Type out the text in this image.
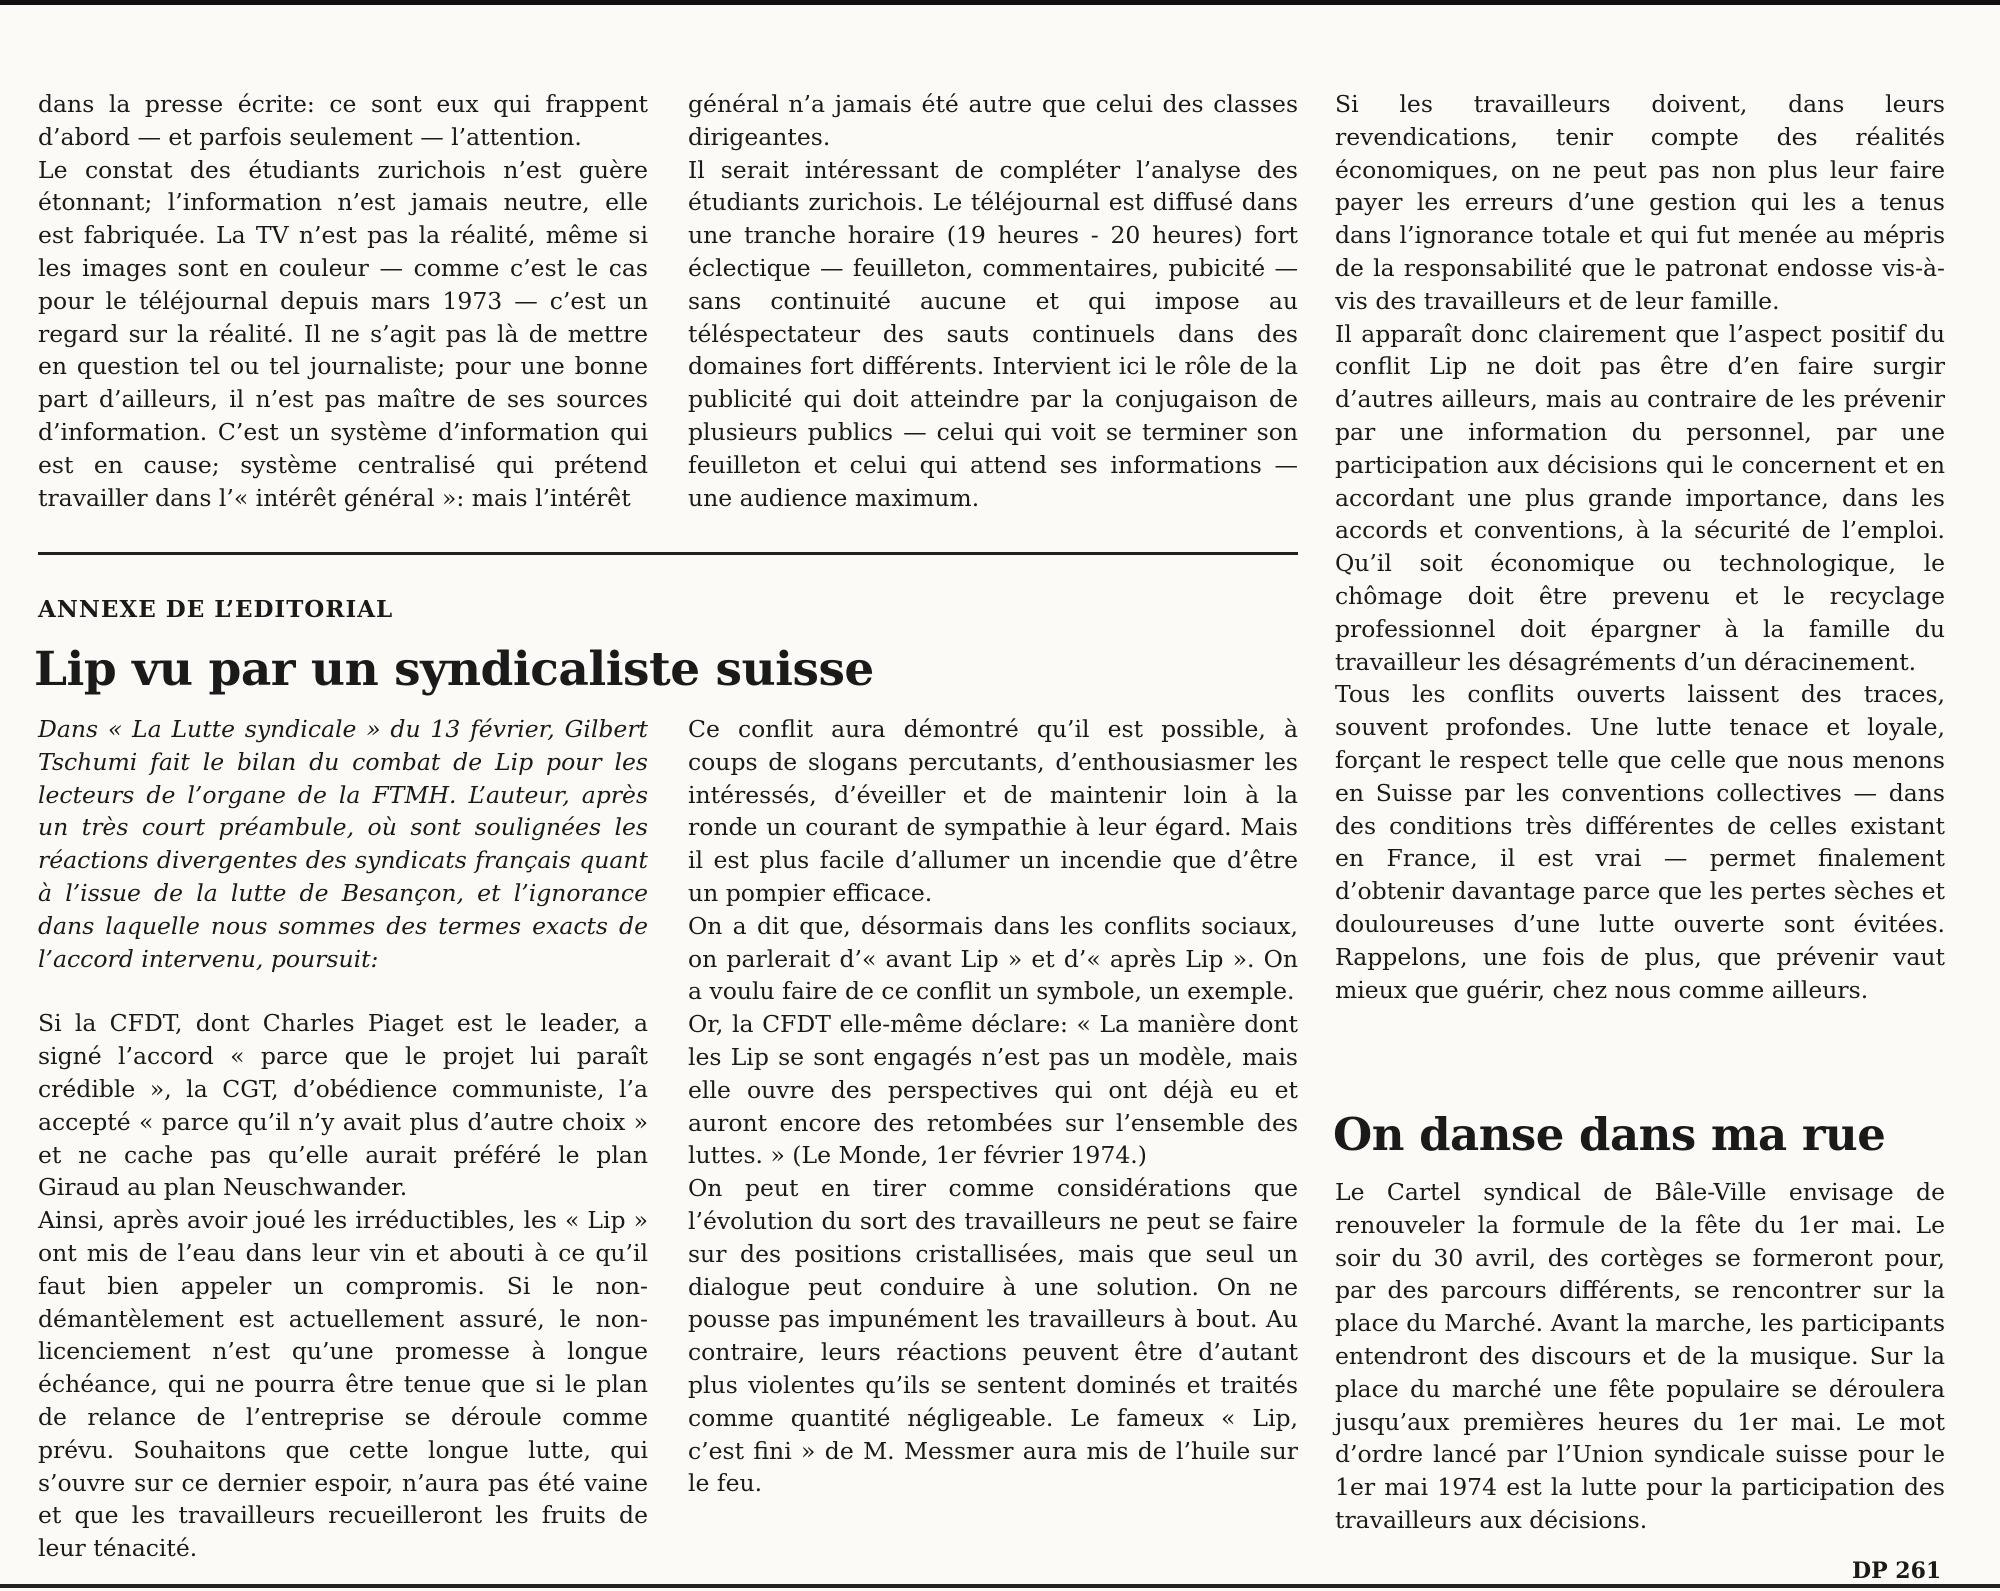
dans la presse écrite: ce sont eux qui frappent d’abord — et parfois seulement — l’attention.

Le constat des étudiants zurichois n’est guère étonnant; l’information n’est jamais neutre, elle est fabriquée. La TV n’est pas la réalité, même si les images sont en couleur — comme c’est le cas pour le téléjournal depuis mars 1973 — c’est un regard sur la réalité. Il ne s’agit pas là de mettre en question tel ou tel journaliste; pour une bonne part d’ailleurs, il n’est pas maître de ses sources d’information. C’est un système d’information qui est en cause; système centralisé qui prétend travailler dans l’« intérêt général »: mais l’intérêt

général n’a jamais été autre que celui des classes dirigeantes.

Il serait intéressant de compléter l’analyse des étudiants zurichois. Le téléjournal est diffusé dans une tranche horaire (19 heures - 20 heures) fort éclectique — feuilleton, commentaires, pubicité — sans continuité aucune et qui impose au téléspectateur des sauts continuels dans des domaines fort différents. Intervient ici le rôle de la publicité qui doit atteindre par la conjugaison de plusieurs publics — celui qui voit se terminer son feuilleton et celui qui attend ses informations — une audience maximum.

Si les travailleurs doivent, dans leurs revendications, tenir compte des réalités économiques, on ne peut pas non plus leur faire payer les erreurs d’une gestion qui les a tenus dans l’ignorance totale et qui fut menée au mépris de la responsabilité que le patronat endosse vis-à-vis des travailleurs et de leur famille.

Il apparaît donc clairement que l’aspect positif du conflit Lip ne doit pas être d’en faire surgir d’autres ailleurs, mais au contraire de les prévenir par une information du personnel, par une participation aux décisions qui le concernent et en accordant une plus grande importance, dans les accords et conventions, à la sécurité de l’emploi. Qu’il soit économique ou technologique, le chômage doit être prevenu et le recyclage professionnel doit épargner à la famille du travailleur les désagréments d’un déracinement.

Tous les conflits ouverts laissent des traces, souvent profondes. Une lutte tenace et loyale, forçant le respect telle que celle que nous menons en Suisse par les conventions collectives — dans des conditions très différentes de celles existant en France, il est vrai — permet finalement d’obtenir davantage parce que les pertes sèches et douloureuses d’une lutte ouverte sont évitées. Rappelons, une fois de plus, que prévenir vaut mieux que guérir, chez nous comme ailleurs.

ANNEXE DE L’EDITORIAL
Lip vu par un syndicaliste suisse

Dans « La Lutte syndicale » du 13 février, Gilbert Tschumi fait le bilan du combat de Lip pour les lecteurs de l’organe de la FTMH. L’auteur, après un très court préambule, où sont soulignées les réactions divergentes des syndicats français quant à l’issue de la lutte de Besançon, et l’ignorance dans laquelle nous sommes des termes exacts de l’accord intervenu, poursuit:

Si la CFDT, dont Charles Piaget est le leader, a signé l’accord « parce que le projet lui paraît crédible », la CGT, d’obédience communiste, l’a accepté « parce qu’il n’y avait plus d’autre choix » et ne cache pas qu’elle aurait préféré le plan Giraud au plan Neuschwander.

Ainsi, après avoir joué les irréductibles, les « Lip » ont mis de l’eau dans leur vin et abouti à ce qu’il faut bien appeler un compromis. Si le non-démantèlement est actuellement assuré, le non-licenciement n’est qu’une promesse à longue échéance, qui ne pourra être tenue que si le plan de relance de l’entreprise se déroule comme prévu. Souhaitons que cette longue lutte, qui s’ouvre sur ce dernier espoir, n’aura pas été vaine et que les travailleurs recueilleront les fruits de leur ténacité.

Ce conflit aura démontré qu’il est possible, à coups de slogans percutants, d’enthousiasmer les intéressés, d’éveiller et de maintenir loin à la ronde un courant de sympathie à leur égard. Mais il est plus facile d’allumer un incendie que d’être un pompier efficace.

On a dit que, désormais dans les conflits sociaux, on parlerait d’« avant Lip » et d’« après Lip ». On a voulu faire de ce conflit un symbole, un exemple.

Or, la CFDT elle-même déclare: « La manière dont les Lip se sont engagés n’est pas un modèle, mais elle ouvre des perspectives qui ont déjà eu et auront encore des retombées sur l’ensemble des luttes. » (Le Monde, 1er février 1974.)

On peut en tirer comme considérations que l’évolution du sort des travailleurs ne peut se faire sur des positions cristallisées, mais que seul un dialogue peut conduire à une solution. On ne pousse pas impunément les travailleurs à bout. Au contraire, leurs réactions peuvent être d’autant plus violentes qu’ils se sentent dominés et traités comme quantité négligeable. Le fameux « Lip, c’est fini » de M. Messmer aura mis de l’huile sur le feu.

On danse dans ma rue

Le Cartel syndical de Bâle-Ville envisage de renouveler la formule de la fête du 1er mai. Le soir du 30 avril, des cortèges se formeront pour, par des parcours différents, se rencontrer sur la place du Marché. Avant la marche, les participants entendront des discours et de la musique. Sur la place du marché une fête populaire se déroulera jusqu’aux premières heures du 1er mai. Le mot d’ordre lancé par l’Union syndicale suisse pour le 1er mai 1974 est la lutte pour la participation des travailleurs aux décisions.

DP 261
